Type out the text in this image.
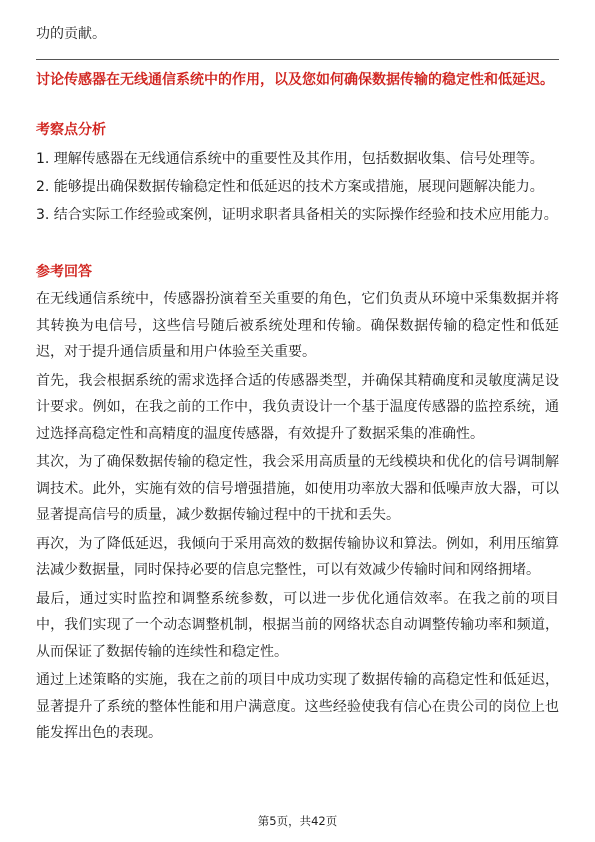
功的贡献。
讨论传感器在无线通信系统中的作用，以及您如何确保数据传输的稳定性和低延迟。
考察点分析

1. 理解传感器在无线通信系统中的重要性及其作用，包括数据收集、信号处理等。

2. 能够提出确保数据传输稳定性和低延迟的技术方案或措施，展现问题解决能力。

3. 结合实际工作经验或案例，证明求职者具备相关的实际操作经验和技术应用能力。

参考回答

在无线通信系统中，传感器扮演着至关重要的角色，它们负责从环境中采集数据并将其转换为电信号，这些信号随后被系统处理和传输。确保数据传输的稳定性和低延迟，对于提升通信质量和用户体验至关重要。

首先，我会根据系统的需求选择合适的传感器类型，并确保其精确度和灵敏度满足设计要求。例如，在我之前的工作中，我负责设计一个基于温度传感器的监控系统，通过选择高稳定性和高精度的温度传感器，有效提升了数据采集的准确性。

其次，为了确保数据传输的稳定性，我会采用高质量的无线模块和优化的信号调制解调技术。此外，实施有效的信号增强措施，如使用功率放大器和低噪声放大器，可以显著提高信号的质量，减少数据传输过程中的干扰和丢失。

再次，为了降低延迟，我倾向于采用高效的数据传输协议和算法。例如，利用压缩算法减少数据量，同时保持必要的信息完整性，可以有效减少传输时间和网络拥堵。

最后，通过实时监控和调整系统参数，可以进一步优化通信效率。在我之前的项目中，我们实现了一个动态调整机制，根据当前的网络状态自动调整传输功率和频道，从而保证了数据传输的连续性和稳定性。

通过上述策略的实施，我在之前的项目中成功实现了数据传输的高稳定性和低延迟，显著提升了系统的整体性能和用户满意度。这些经验使我有信心在贵公司的岗位上也能发挥出色的表现。

第5页，共42页
